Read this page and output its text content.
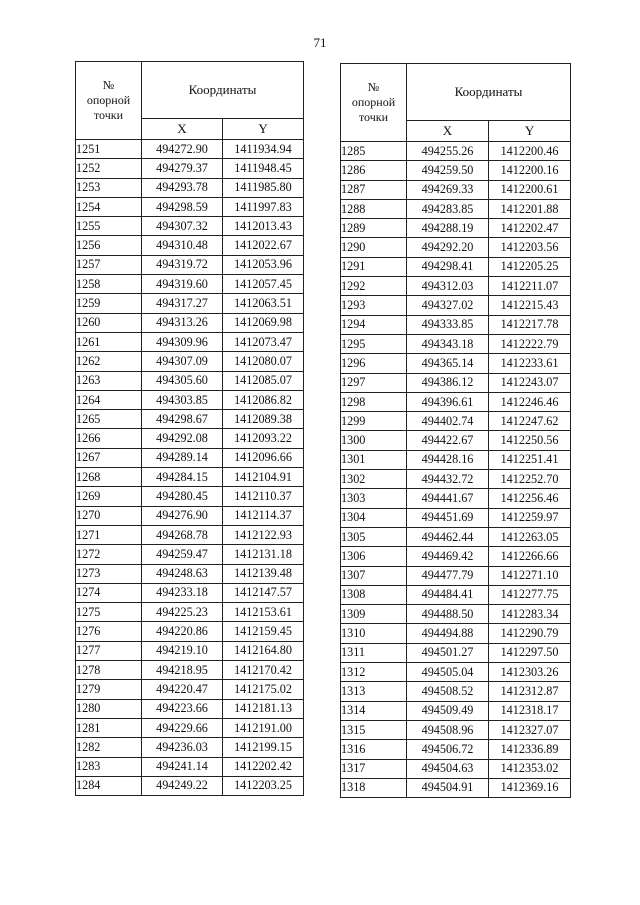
71
№
опорной
точки	Координаты	
	X	Y
1251	494272.90	1411934.94
1252	494279.37	1411948.45
1253	494293.78	1411985.80
1254	494298.59	1411997.83
1255	494307.32	1412013.43
1256	494310.48	1412022.67
1257	494319.72	1412053.96
1258	494319.60	1412057.45
1259	494317.27	1412063.51
1260	494313.26	1412069.98
1261	494309.96	1412073.47
1262	494307.09	1412080.07
1263	494305.60	1412085.07
1264	494303.85	1412086.82
1265	494298.67	1412089.38
1266	494292.08	1412093.22
1267	494289.14	1412096.66
1268	494284.15	1412104.91
1269	494280.45	1412110.37
1270	494276.90	1412114.37
1271	494268.78	1412122.93
1272	494259.47	1412131.18
1273	494248.63	1412139.48
1274	494233.18	1412147.57
1275	494225.23	1412153.61
1276	494220.86	1412159.45
1277	494219.10	1412164.80
1278	494218.95	1412170.42
1279	494220.47	1412175.02
1280	494223.66	1412181.13
1281	494229.66	1412191.00
1282	494236.03	1412199.15
1283	494241.14	1412202.42
1284	494249.22	1412203.25
№
опорной
точки	Координаты	
	X	Y
1285	494255.26	1412200.46
1286	494259.50	1412200.16
1287	494269.33	1412200.61
1288	494283.85	1412201.88
1289	494288.19	1412202.47
1290	494292.20	1412203.56
1291	494298.41	1412205.25
1292	494312.03	1412211.07
1293	494327.02	1412215.43
1294	494333.85	1412217.78
1295	494343.18	1412222.79
1296	494365.14	1412233.61
1297	494386.12	1412243.07
1298	494396.61	1412246.46
1299	494402.74	1412247.62
1300	494422.67	1412250.56
1301	494428.16	1412251.41
1302	494432.72	1412252.70
1303	494441.67	1412256.46
1304	494451.69	1412259.97
1305	494462.44	1412263.05
1306	494469.42	1412266.66
1307	494477.79	1412271.10
1308	494484.41	1412277.75
1309	494488.50	1412283.34
1310	494494.88	1412290.79
1311	494501.27	1412297.50
1312	494505.04	1412303.26
1313	494508.52	1412312.87
1314	494509.49	1412318.17
1315	494508.96	1412327.07
1316	494506.72	1412336.89
1317	494504.63	1412353.02
1318	494504.91	1412369.16
